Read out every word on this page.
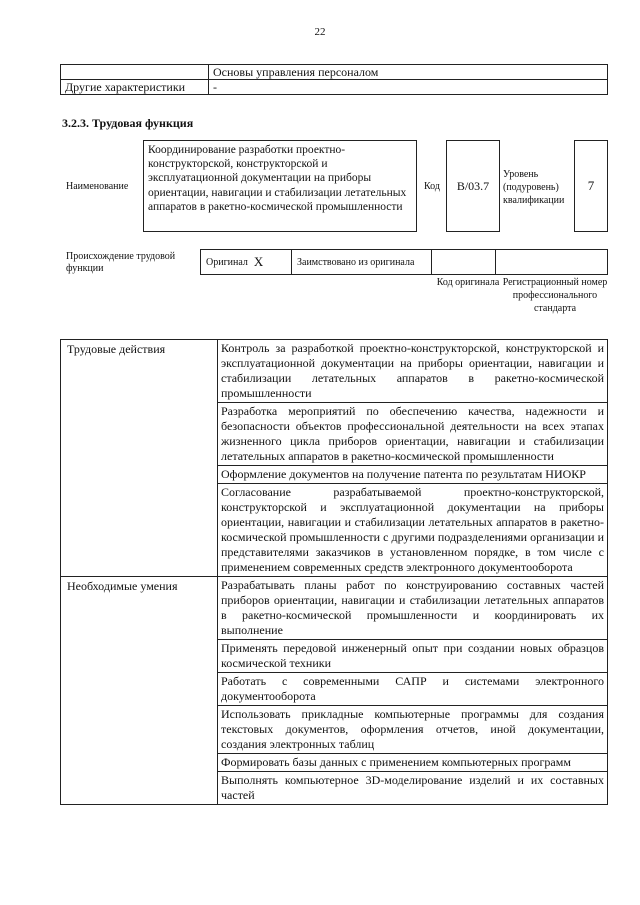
22
	Основы управления персоналом
Другие характеристики	-
3.2.3. Трудовая функция
Наименование
Координирование разработки проектно-конструкторской, конструкторской и эксплуатационной документации на приборы ориентации, навигации и стабилизации летательных аппаратов в ракетно-космической промышленности
Код	B/03.7
Уровень (подуровень) квалификации
7
Происхождение трудовой функции
Оригинал X	Заимствовано из оригинала
Код оригинала Регистрационный номер профессионального стандарта
Трудовые действия	Контроль за разработкой проектно-конструкторской, конструкторской и эксплуатационной документации на приборы ориентации, навигации и стабилизации летательных аппаратов в ракетно-космической промышленности
	Разработка мероприятий по обеспечению качества, надежности и безопасности объектов профессиональной деятельности на всех этапах жизненного цикла приборов ориентации, навигации и стабилизации летательных аппаратов в ракетно-космической промышленности
	Оформление документов на получение патента по результатам НИОКР
	Согласование разрабатываемой проектно-конструкторской, конструкторской и эксплуатационной документации на приборы ориентации, навигации и стабилизации летательных аппаратов в ракетно-космической промышленности с другими подразделениями организации и представителями заказчиков в установленном порядке, в том числе с применением современных средств электронного документооборота
Необходимые умения	Разрабатывать планы работ по конструированию составных частей приборов ориентации, навигации и стабилизации летательных аппаратов в ракетно-космической промышленности и координировать их выполнение
	Применять передовой инженерный опыт при создании новых образцов космической техники
	Работать с современными САПР и системами электронного документооборота
	Использовать прикладные компьютерные программы для создания текстовых документов, оформления отчетов, иной документации, создания электронных таблиц
	Формировать базы данных с применением компьютерных программ
	Выполнять компьютерное 3D-моделирование изделий и их составных частей
